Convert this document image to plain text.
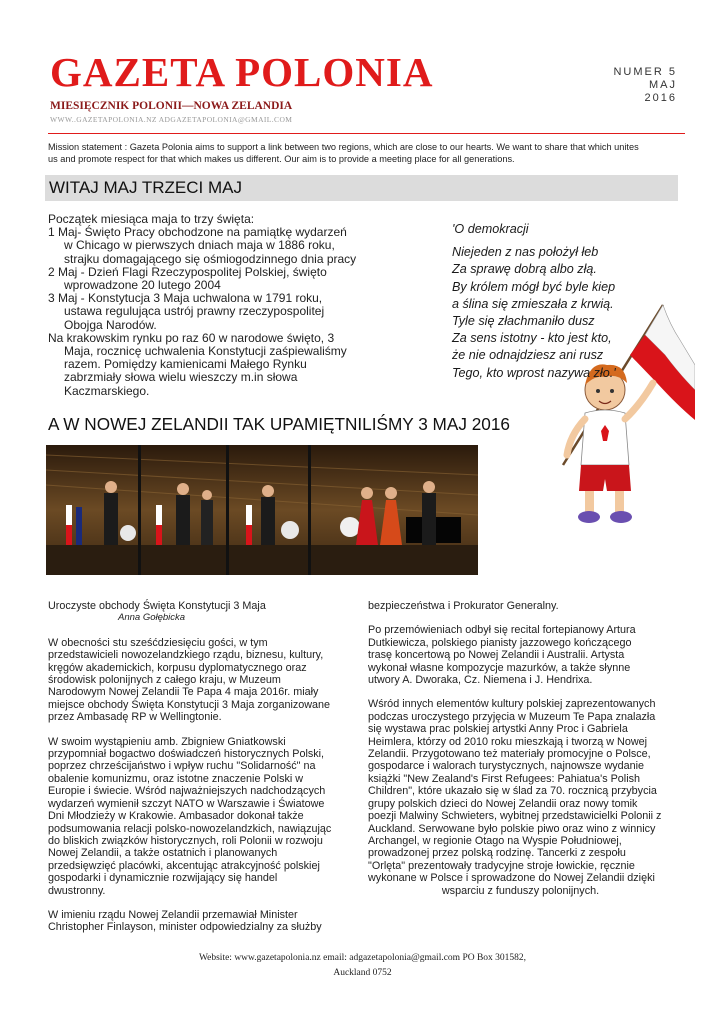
GAZETA POLONIA
MIESIĘCZNIK POLONII—NOWA ZELANDIA
WWW..GAZETAPOLONIA.NZ ADGAZETAPOLONIA@GMAIL.COM
NUMER 5
MAJ
2016
Mission statement : Gazeta Polonia aims to support a link between two regions, which are close to our hearts. We want to share that which unites
us and promote respect for that which makes us different. Our aim is to provide a meeting place for all generations.
WITAJ MAJ TRZECI MAJ
Początek miesiąca maja to trzy święta:
1 Maj- Święto Pracy obchodzone na pamiątkę wydarzeń
w Chicago w pierwszych dniach maja w 1886 roku,
strajku domagającego się ośmiogodzinnego dnia pracy
2 Maj - Dzień Flagi Rzeczypospolitej Polskiej, święto
wprowadzone 20 lutego 2004
3 Maj - Konstytucja 3 Maja uchwalona w 1791 roku,
ustawa regulująca ustrój prawny rzeczypospolitej
Obojga Narodów.
Na krakowskim rynku po raz 60 w narodowe święto, 3
Maja, rocznicę uchwalenia Konstytucji zaśpiewaliśmy
razem. Pomiędzy kamienicami Małego Rynku
zabrzmiały słowa wielu wieszczy m.in słowa
Kaczmarskiego.
'O demokracji
Niejeden z nas położył łeb
Za sprawę dobrą albo złą.
By królem mógł być byle kiep
a ślina się zmieszała z krwią.
Tyle się złachmaniło dusz
Za sens istotny - kto jest kto,
że nie odnajdziesz ani rusz
Tego, kto wprost nazywa zło.'
A W NOWEJ ZELANDII TAK UPAMIĘTNILIŚMY 3 MAJ 2016
Uroczyste obchody Święta Konstytucji 3 Maja
Anna Gołębicka

W obecności stu sześćdziesięciu gości, w tym
przedstawicieli nowozelandzkiego rządu, biznesu, kultury,
kręgów akademickich, korpusu dyplomatycznego oraz
środowisk polonijnych z całego kraju, w Muzeum
Narodowym Nowej Zelandii Te Papa 4 maja 2016r. miały
miejsce obchody Święta Konstytucji 3 Maja zorganizowane
przez Ambasadę RP w Wellingtonie.

W swoim wystąpieniu amb. Zbigniew Gniatkowski
przypomniał bogactwo doświadczeń historycznych Polski,
poprzez chrześcijaństwo i wpływ ruchu "Solidarność" na
obalenie komunizmu, oraz istotne znaczenie Polski w
Europie i świecie. Wśród najważniejszych nadchodzących
wydarzeń wymienił szczyt NATO w Warszawie i Światowe
Dni Młodzieży w Krakowie. Ambasador dokonał także
podsumowania relacji polsko-nowozelandzkich, nawiązując
do bliskich związków historycznych, roli Polonii w rozwoju
Nowej Zelandii, a także ostatnich i planowanych
przedsięwzięć placówki, akcentując atrakcyjność polskiej
gospodarki i dynamicznie rozwijający się handel
dwustronny.

W imieniu rządu Nowej Zelandii przemawiał Minister
Christopher Finlayson, minister odpowiedzialny za służby

bezpieczeństwa i Prokurator Generalny.

Po przemówieniach odbył się recital fortepianowy Artura
Dutkiewicza, polskiego pianisty jazzowego kończącego
trasę koncertową po Nowej Zelandii i Australii. Artysta
wykonał własne kompozycje mazurków, a także słynne
utwory A. Dworaka, Cz. Niemena i J. Hendrixa.

Wśród innych elementów kultury polskiej zaprezentowanych
podczas uroczystego przyjęcia w Muzeum Te Papa znalazła
się wystawa prac polskiej artystki Anny Proc i Gabriela
Heimlera, którzy od 2010 roku mieszkają i tworzą w Nowej
Zelandii. Przygotowano też materiały promocyjne o Polsce,
gospodarce i walorach turystycznych, najnowsze wydanie
książki "New Zealand's First Refugees: Pahiatua's Polish
Children", które ukazało się w ślad za 70. rocznicą przybycia
grupy polskich dzieci do Nowej Zelandii oraz nowy tomik
poezji Malwiny Schwieters, wybitnej przedstawicielki Polonii z
Auckland. Serwowane było polskie piwo oraz wino z winnicy
Archangel, w regionie Otago na Wyspie Południowej,
prowadzonej przez polską rodzinę. Tancerki z zespołu
"Orlęta" prezentowały tradycyjne stroje łowickie, ręcznie
wykonane w Polsce i sprowadzone do Nowej Zelandii dzięki
wsparciu z funduszy polonijnych.

Website: www.gazetapolonia.nz email: adgazetapolonia@gmail.com PO Box 301582,
Auckland 0752
